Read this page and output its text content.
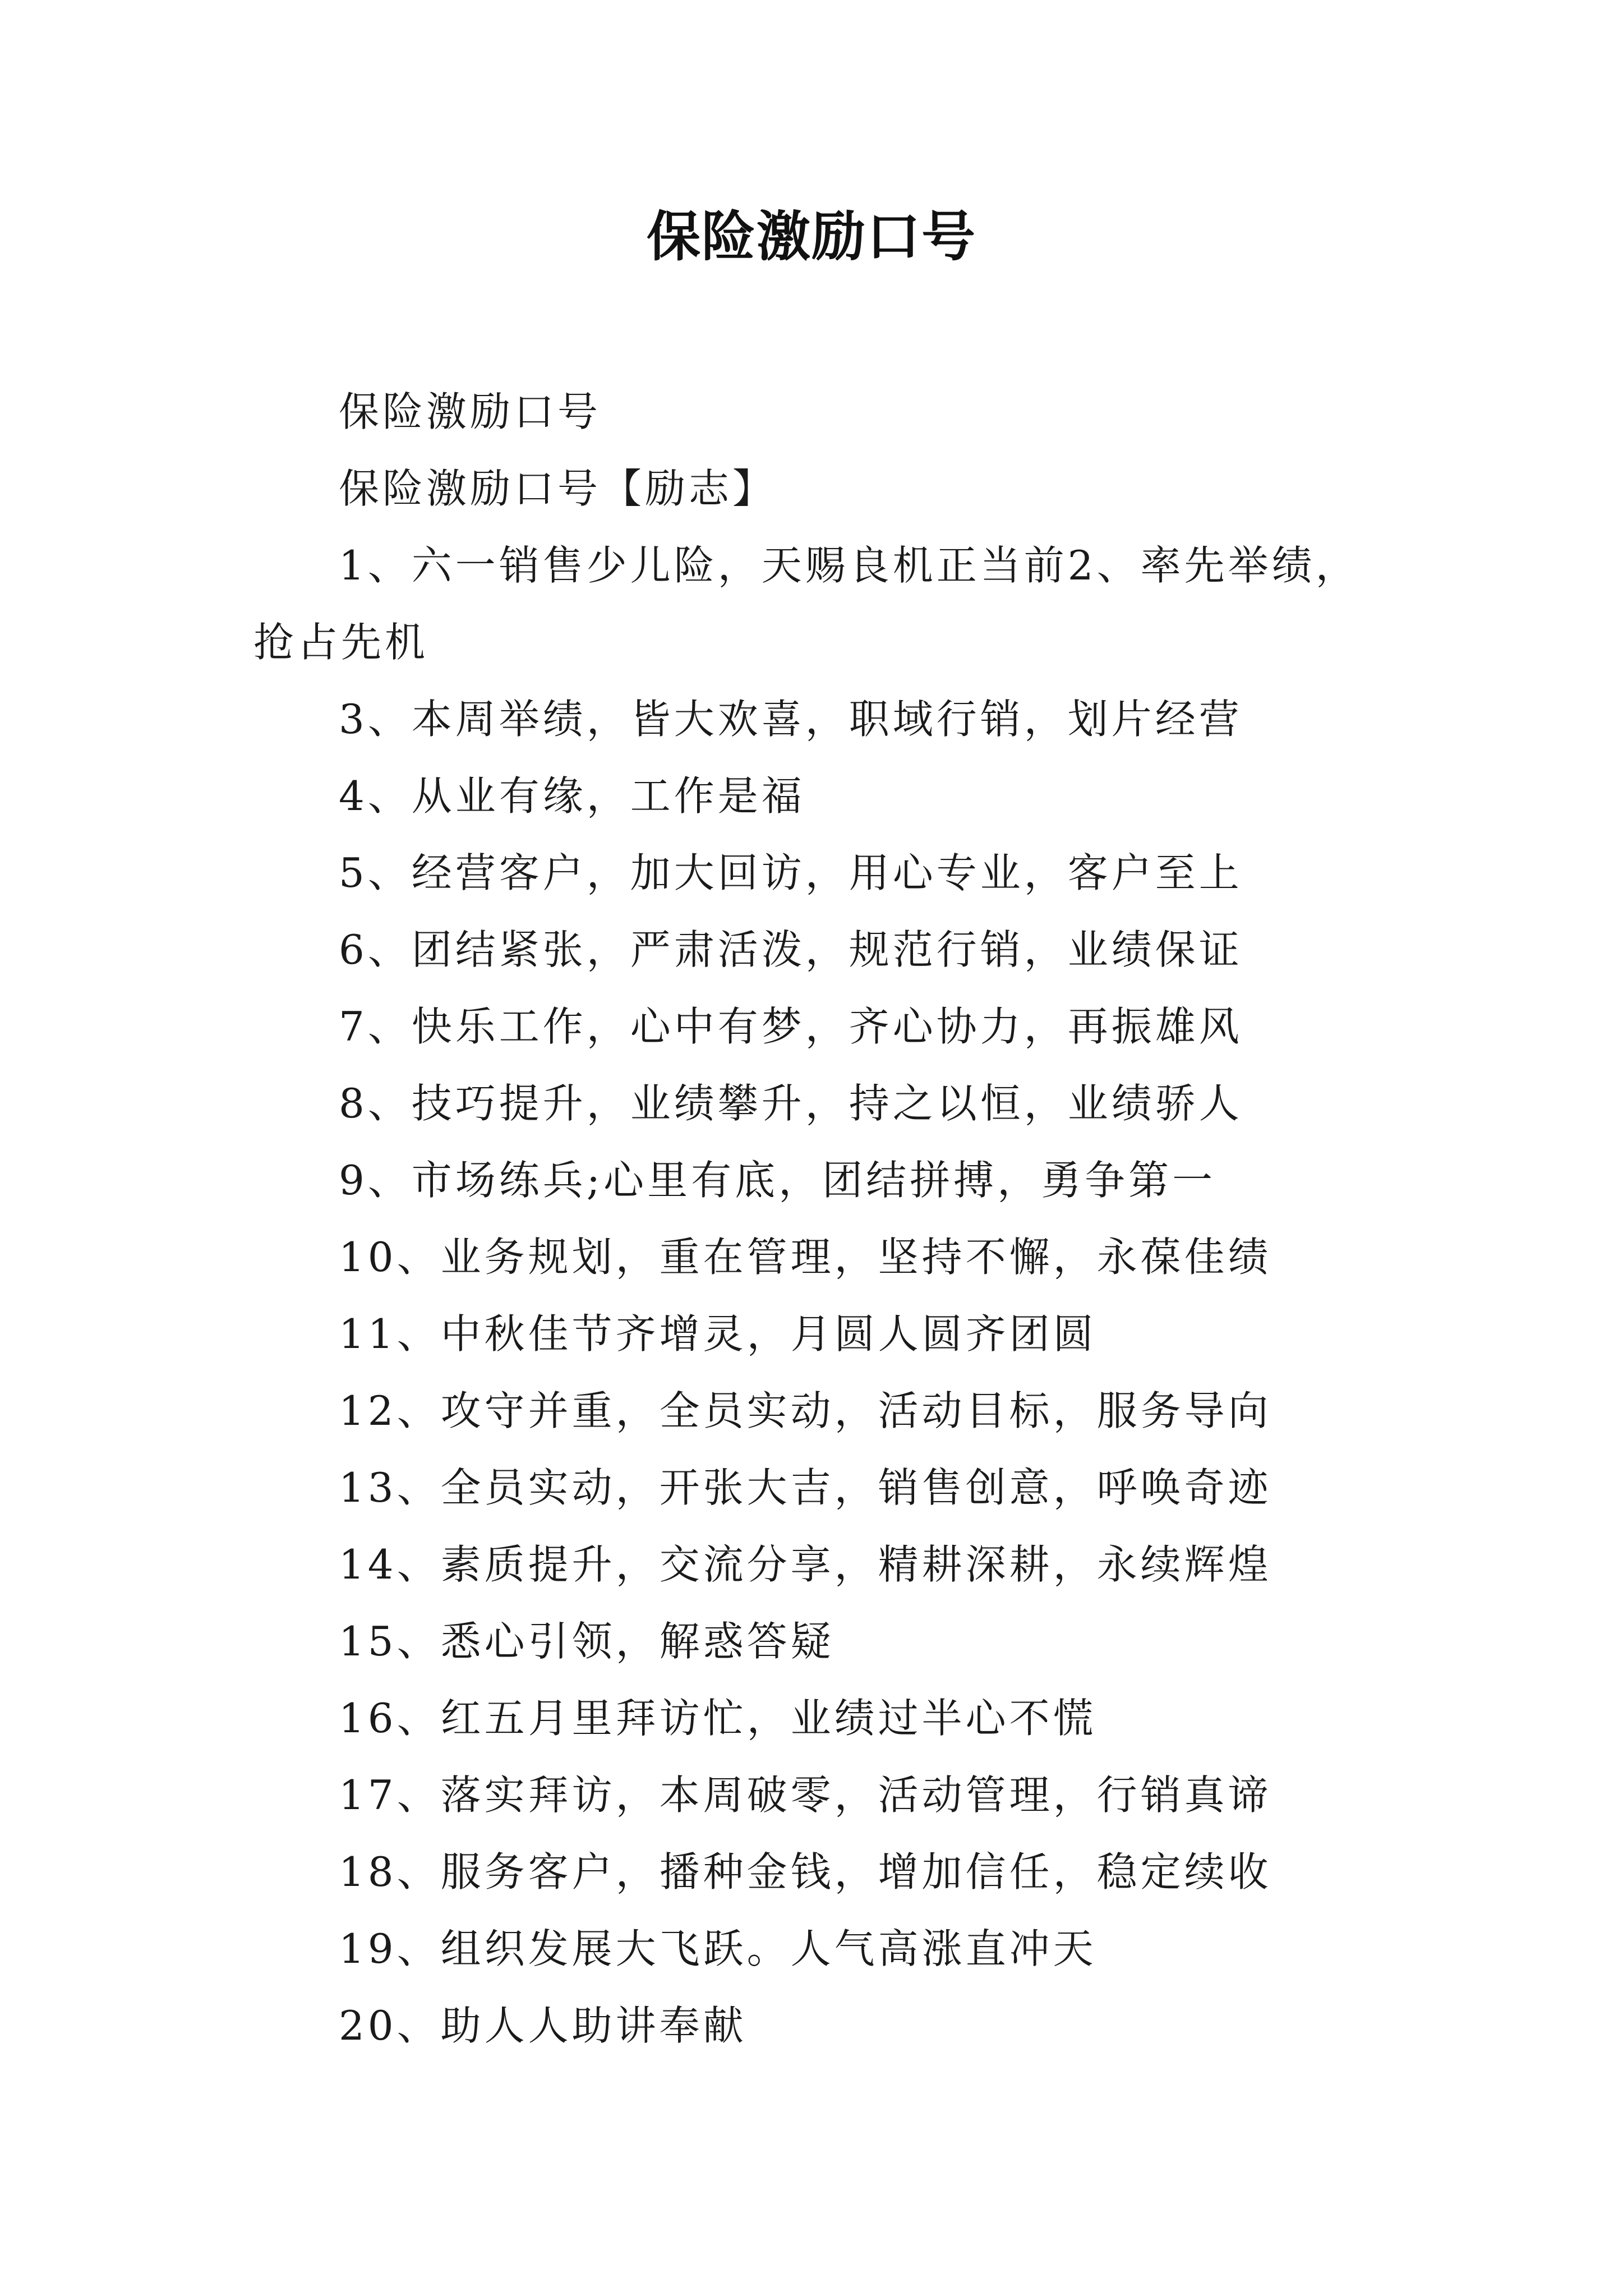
保险激励口号

保险激励口号

保险激励口号【励志】

1、六一销售少儿险，天赐良机正当前2、率先举绩，抢占先机

3、本周举绩，皆大欢喜，职域行销，划片经营

4、从业有缘，工作是福

5、经营客户，加大回访，用心专业，客户至上

6、团结紧张，严肃活泼，规范行销，业绩保证

7、快乐工作，心中有梦，齐心协力，再振雄风

8、技巧提升，业绩攀升，持之以恒，业绩骄人

9、市场练兵;心里有底，团结拼搏，勇争第一

10、业务规划，重在管理，坚持不懈，永葆佳绩

11、中秋佳节齐增灵，月圆人圆齐团圆

12、攻守并重，全员实动，活动目标，服务导向

13、全员实动，开张大吉，销售创意，呼唤奇迹

14、素质提升，交流分享，精耕深耕，永续辉煌

15、悉心引领，解惑答疑

16、红五月里拜访忙，业绩过半心不慌

17、落实拜访，本周破零，活动管理，行销真谛

18、服务客户，播种金钱，增加信任，稳定续收

19、组织发展大飞跃。人气高涨直冲天

20、助人人助讲奉献
